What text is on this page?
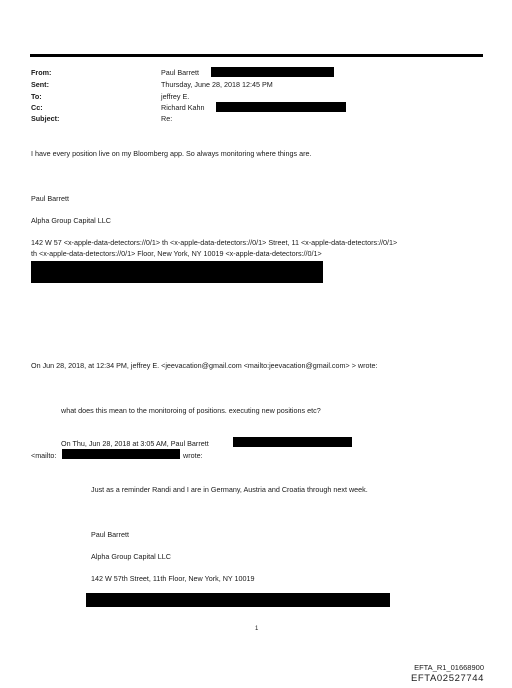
From:	Paul Barrett
Sent:	Thursday, June 28, 2018 12:45 PM
To:	jeffrey E.
Cc:	Richard Kahn
Subject:	Re:
I have every position live on my Bloomberg app. So always monitoring where things are.
Paul Barrett
Alpha Group Capital LLC
142 W 57 <x-apple-data-detectors://0/1> th <x-apple-data-detectors://0/1> Street, 11 <x-apple-data-detectors://0/1>
th <x-apple-data-detectors://0/1> Floor, New York, NY 10019 <x-apple-data-detectors://0/1>
On Jun 28, 2018, at 12:34 PM, jeffrey E. <jeevacation@gmail.com <mailto:jeevacation@gmail.com> > wrote:
what does this mean to the monitoroing of positions. executing new positions etc?
On Thu, Jun 28, 2018 at 3:05 AM, Paul Barrett
<mailto:	wrote:
Just as a reminder Randi and I are in Germany, Austria and Croatia through next week.
Paul Barrett
Alpha Group Capital LLC
142 W 57th Street, 11th Floor, New York, NY 10019
1
EFTA_R1_01668900
EFTA02527744
